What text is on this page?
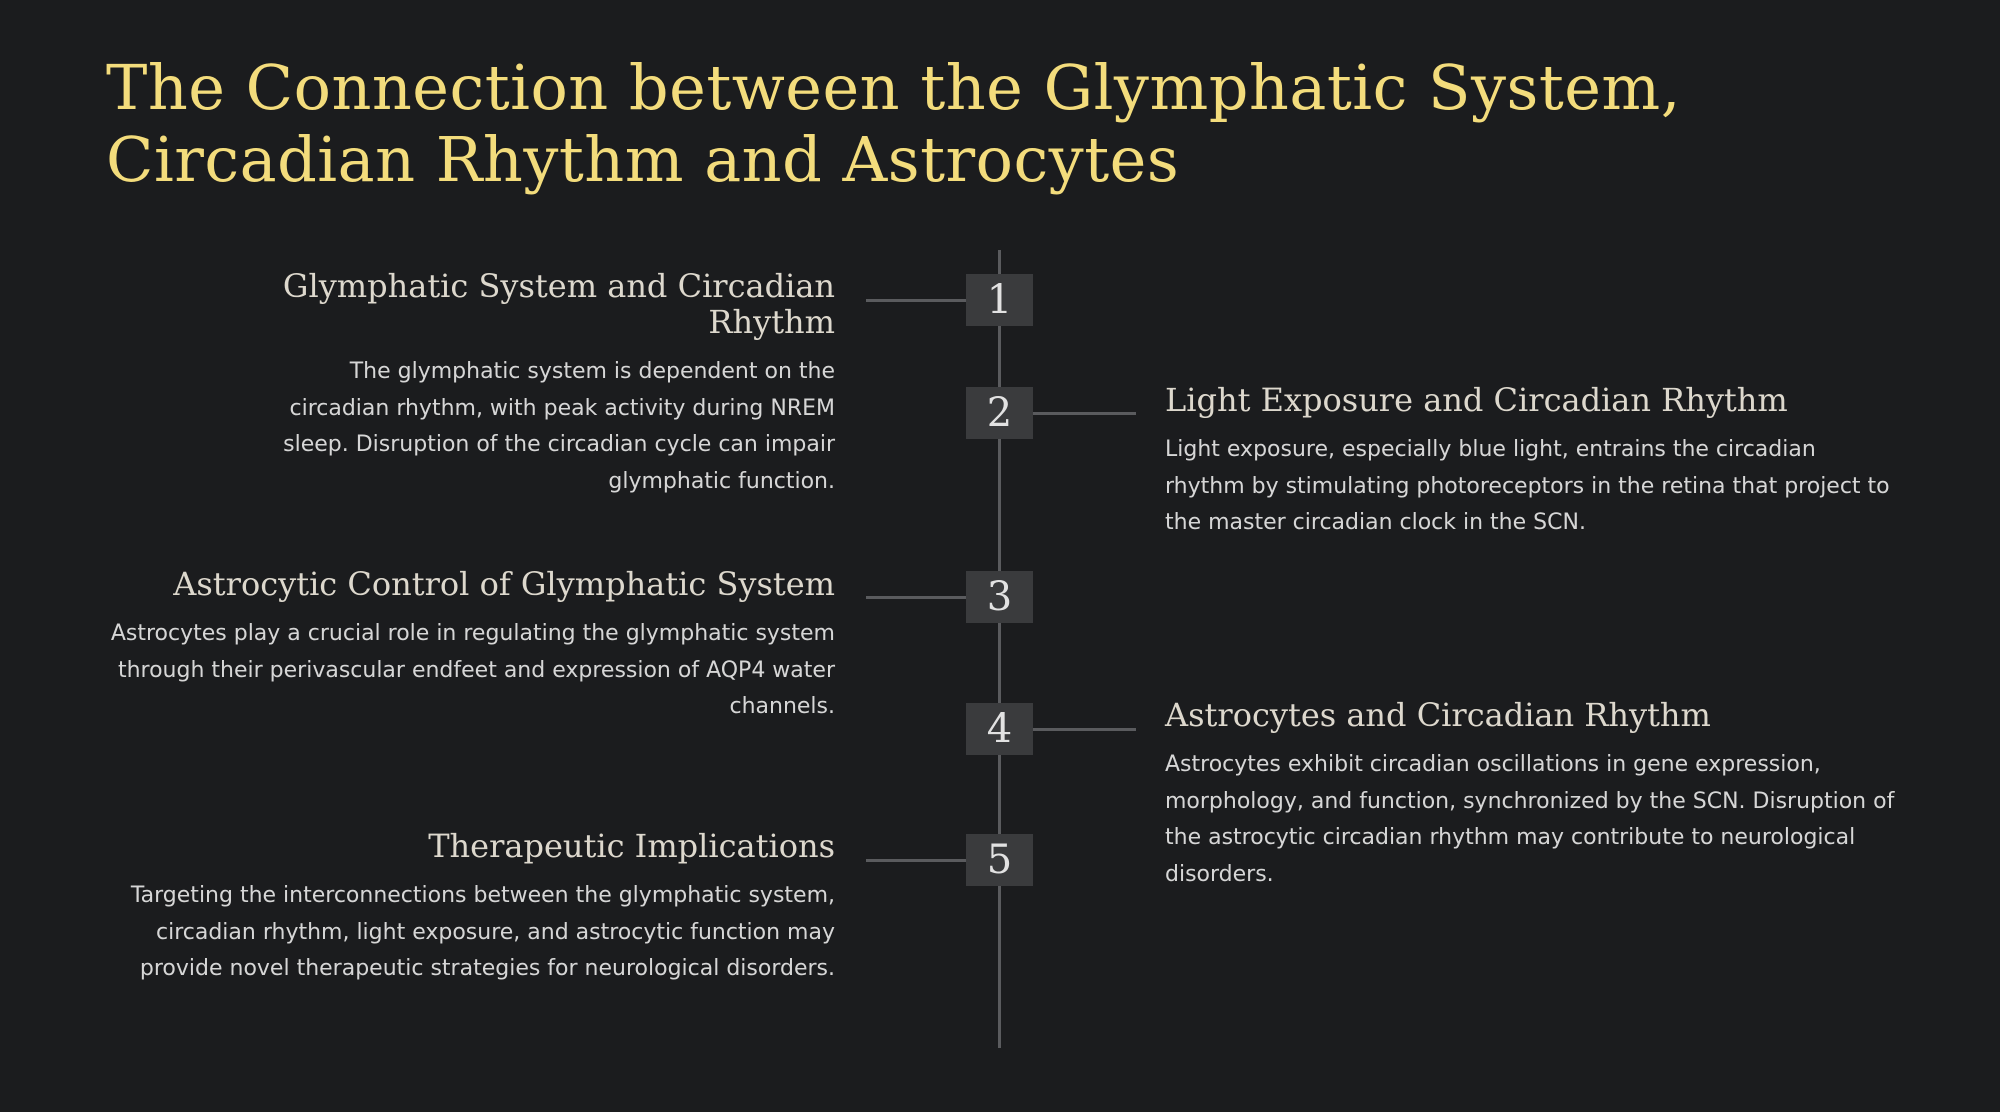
The Connection between the Glymphatic System,
Circadian Rhythm and Astrocytes
1
Glymphatic System and Circadian Rhythm

The glymphatic system is dependent on the circadian rhythm, with peak activity during NREM sleep. Disruption of the circadian cycle can impair glymphatic function.

2	Light Exposure and Circadian Rhythm

Light exposure, especially blue light, entrains the circadian rhythm by stimulating photoreceptors in the retina that project to the master circadian clock in the SCN.

3
Astrocytic Control of Glymphatic System

Astrocytes play a crucial role in regulating the glymphatic system through their perivascular endfeet and expression of AQP4 water channels.	4	Astrocytes and Circadian Rhythm

Astrocytes exhibit circadian oscillations in gene expression, morphology, and function, synchronized by the SCN. Disruption of the astrocytic circadian rhythm may contribute to neurological disorders.

5
Therapeutic Implications

Targeting the interconnections between the glymphatic system, circadian rhythm, light exposure, and astrocytic function may provide novel therapeutic strategies for neurological disorders.
